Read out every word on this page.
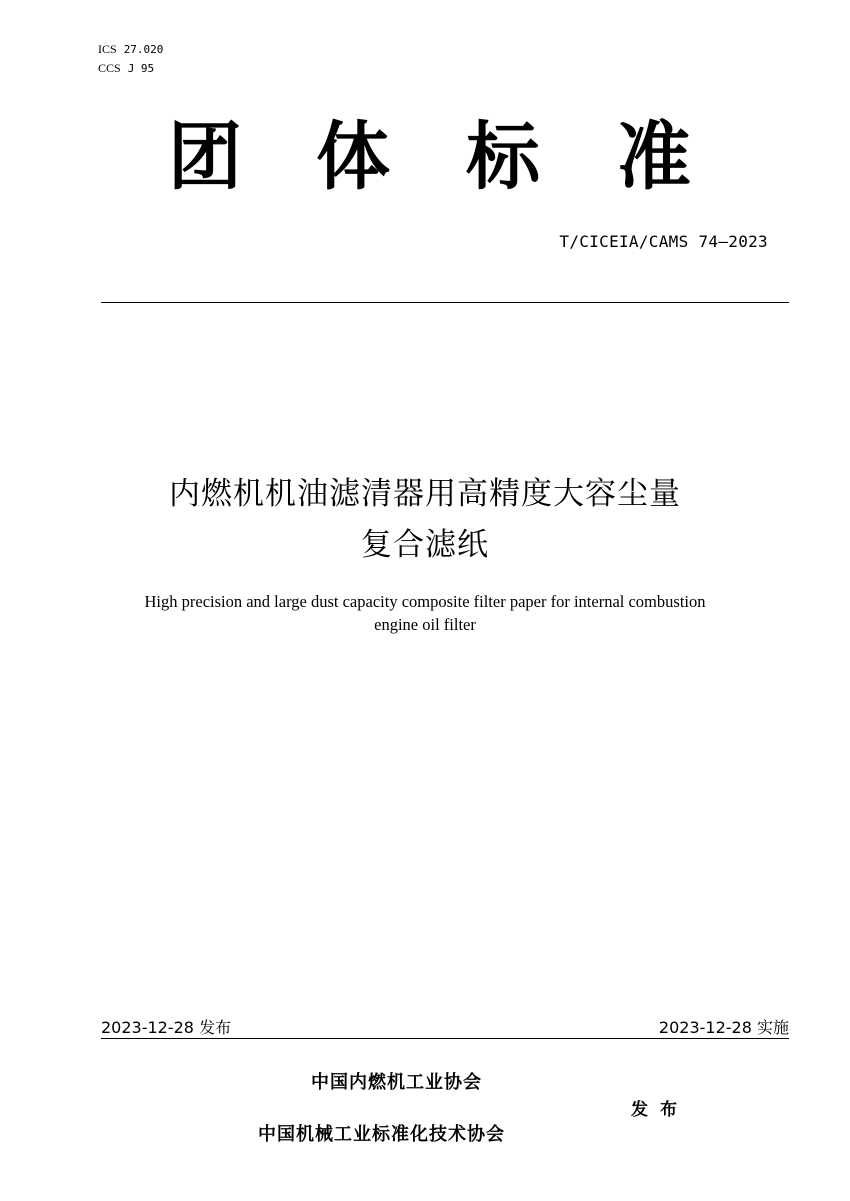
ICS 27.020
CCS J 95
团 体 标 准
T/CICEIA/CAMS 74—2023
内燃机机油滤清器用高精度大容尘量
复合滤纸
High precision and large dust capacity composite filter paper for internal combustion
engine oil filter
2023-12-28 发布	2023-12-28 实施
中国内燃机工业协会
发布
中国机械工业标准化技术协会
